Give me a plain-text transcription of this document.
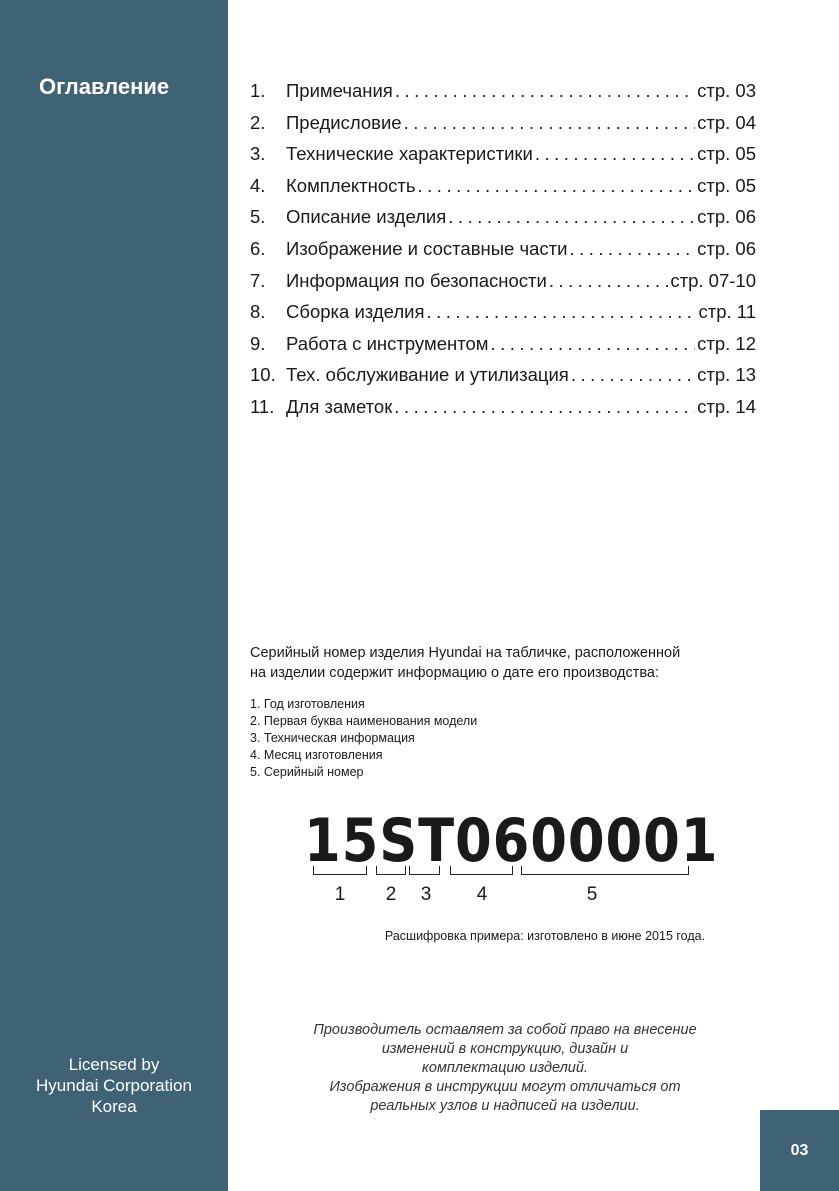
Оглавление
Licensed by
Hyundai Corporation
Korea
1.	Примечания .....	стр. 03
2.	Предисловие .....	стр. 04
3.	Технические характеристики .....	стр. 05
4.	Комплектность .....	стр. 05
5.	Описание изделия .....	стр. 06
6.	Изображение и составные части .....	стр. 06
7.	Информация по безопасности .....	стр. 07-10
8.	Сборка изделия .....	стр. 11
9.	Работа с инструментом .....	стр. 12
10. Тех. обслуживание и утилизация .....	стр. 13
11. Для заметок .....	стр. 14
Серийный номер изделия Hyundai на табличке, расположенной
на изделии содержит информацию о дате его производства:
1. Год изготовления
2. Первая буква наименования модели
3. Техническая информация
4. Месяц изготовления
5. Серийный номер
15ST0600001
1	2	3	4	5
Расшифровка примера: изготовлено в июне 2015 года.
Производитель оставляет за собой право на внесение
изменений в конструкцию, дизайн и
комплектацию изделий.
Изображения в инструкции могут отличаться от
реальных узлов и надписей на изделии.
03
